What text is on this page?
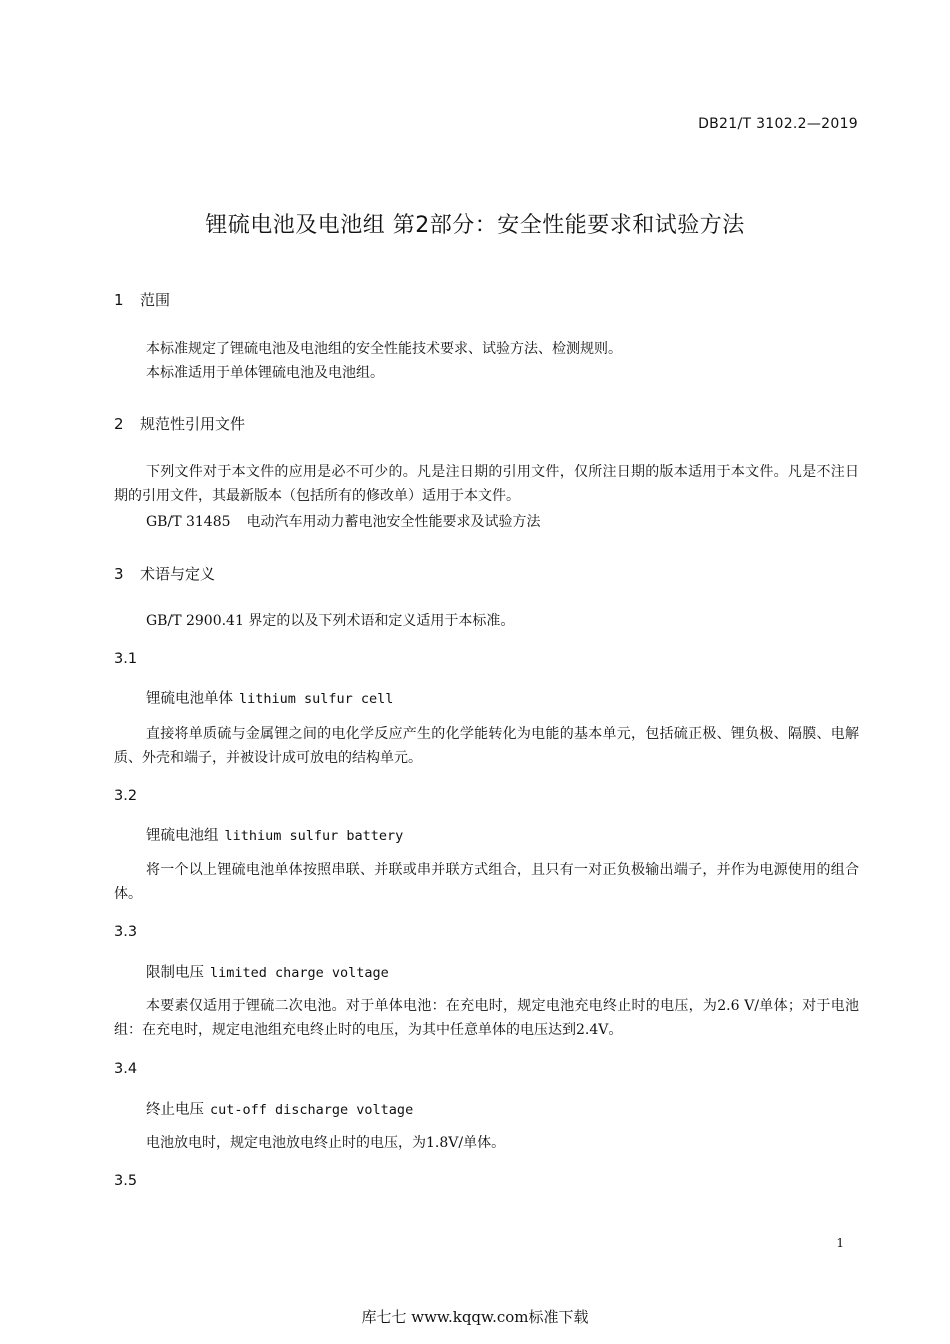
DB21/T 3102.2—2019
锂硫电池及电池组 第2部分：安全性能要求和试验方法
1 范围
本标准规定了锂硫电池及电池组的安全性能技术要求、试验方法、检测规则。
本标准适用于单体锂硫电池及电池组。
2 规范性引用文件
下列文件对于本文件的应用是必不可少的。凡是注日期的引用文件，仅所注日期的版本适用于本文件。凡是不注日期的引用文件，其最新版本（包括所有的修改单）适用于本文件。
GB/T 31485 电动汽车用动力蓄电池安全性能要求及试验方法
3 术语与定义
GB/T 2900.41 界定的以及下列术语和定义适用于本标准。
3.1
锂硫电池单体 lithium sulfur cell
直接将单质硫与金属锂之间的电化学反应产生的化学能转化为电能的基本单元，包括硫正极、锂负极、隔膜、电解质、外壳和端子，并被设计成可放电的结构单元。
3.2
锂硫电池组 lithium sulfur battery
将一个以上锂硫电池单体按照串联、并联或串并联方式组合，且只有一对正负极输出端子，并作为电源使用的组合体。
3.3
限制电压 limited charge voltage
本要素仅适用于锂硫二次电池。对于单体电池：在充电时，规定电池充电终止时的电压，为2.6 V/单体；对于电池组：在充电时，规定电池组充电终止时的电压，为其中任意单体的电压达到2.4V。
3.4
终止电压 cut-off discharge voltage
电池放电时，规定电池放电终止时的电压，为1.8V/单体。
3.5
1
库七七 www.kqqw.com标准下载
